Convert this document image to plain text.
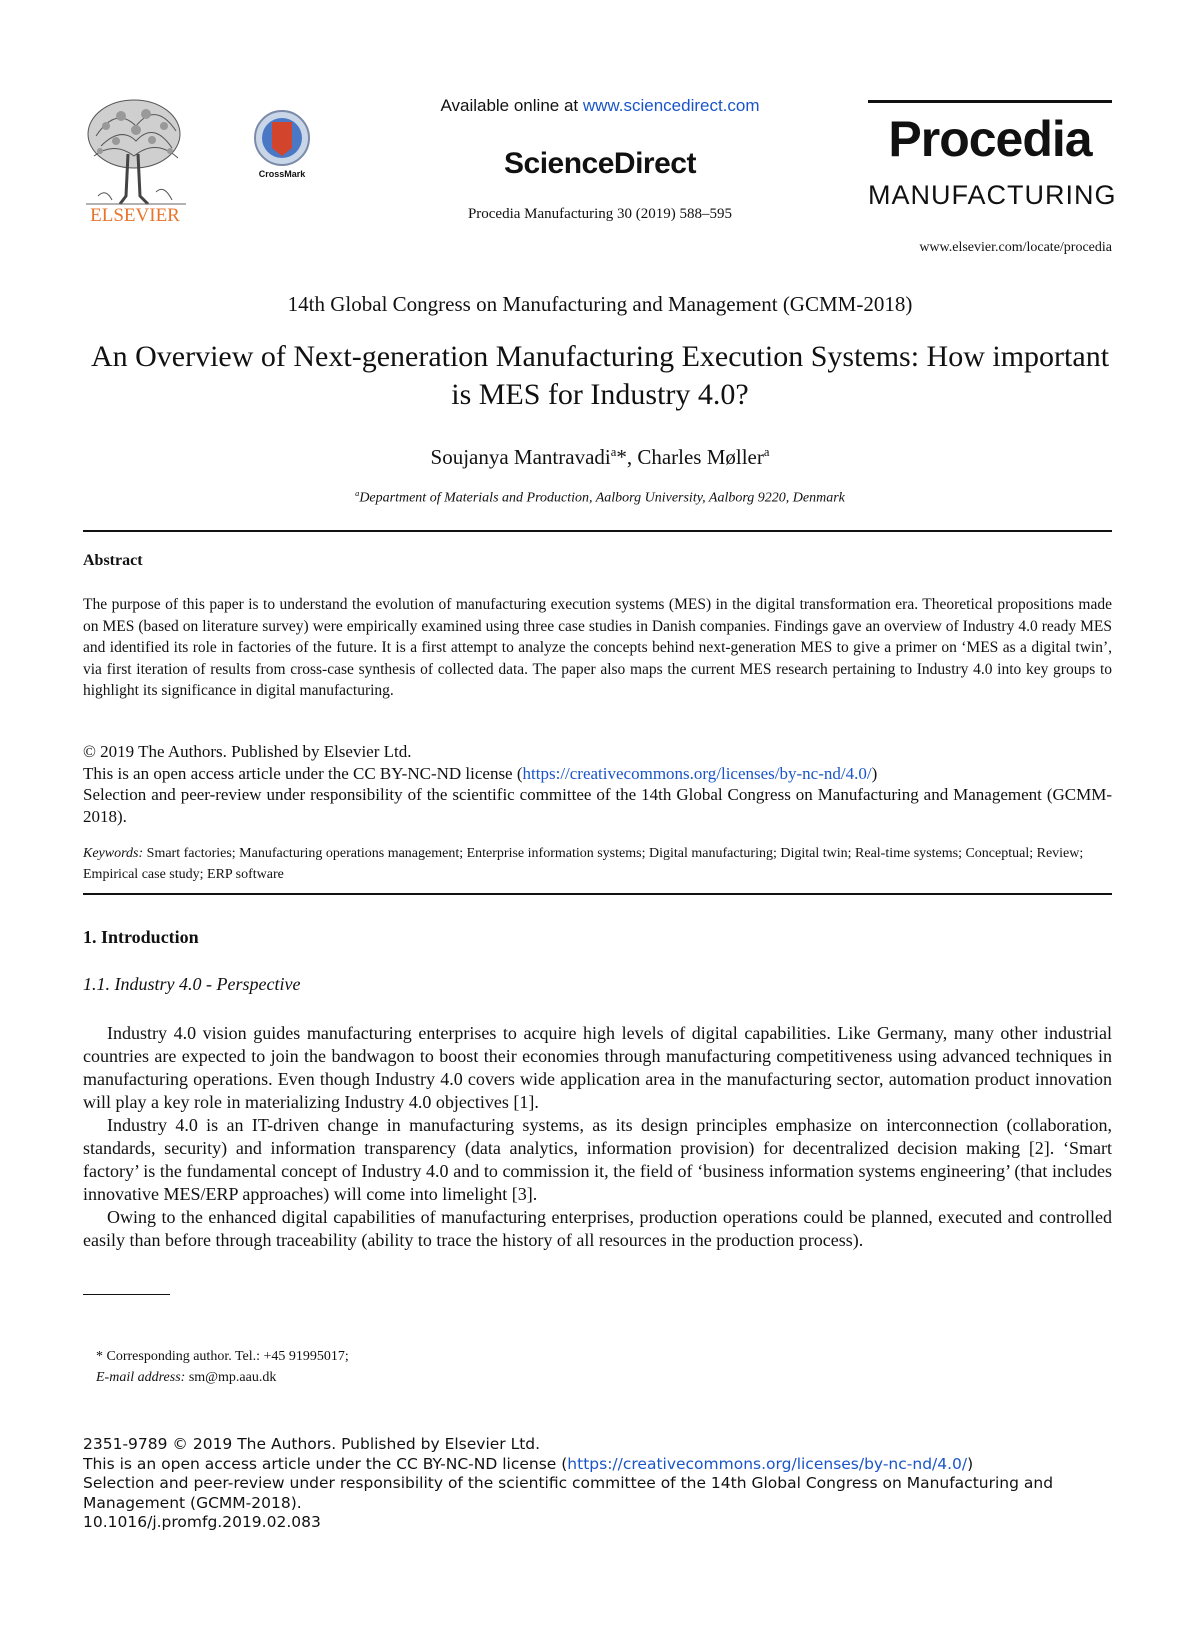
ELSEVIER
CrossMark
Available online at www.sciencedirect.com
ScienceDirect
Procedia Manufacturing 30 (2019) 588–595
Procedia
MANUFACTURING
www.elsevier.com/locate/procedia
14th Global Congress on Manufacturing and Management (GCMM-2018)
An Overview of Next-generation Manufacturing Execution Systems: How important is MES for Industry 4.0?
Soujanya Mantravadi$^a$*, Charles Møller$^a$
$^a$Department of Materials and Production, Aalborg University, Aalborg 9220, Denmark
Abstract
The purpose of this paper is to understand the evolution of manufacturing execution systems (MES) in the digital transformation era. Theoretical propositions made on MES (based on literature survey) were empirically examined using three case studies in Danish companies. Findings gave an overview of Industry 4.0 ready MES and identified its role in factories of the future. It is a first attempt to analyze the concepts behind next-generation MES to give a primer on ‘MES as a digital twin’, via first iteration of results from cross-case synthesis of collected data. The paper also maps the current MES research pertaining to Industry 4.0 into key groups to highlight its significance in digital manufacturing.
© 2019 The Authors. Published by Elsevier Ltd.
This is an open access article under the CC BY-NC-ND license (https://creativecommons.org/licenses/by-nc-nd/4.0/)
Selection and peer-review under responsibility of the scientific committee of the 14th Global Congress on Manufacturing and Management (GCMM-2018).
Keywords: Smart factories; Manufacturing operations management; Enterprise information systems; Digital manufacturing; Digital twin; Real-time systems; Conceptual; Review; Empirical case study; ERP software
1. Introduction
1.1. Industry 4.0 - Perspective

Industry 4.0 vision guides manufacturing enterprises to acquire high levels of digital capabilities. Like Germany, many other industrial countries are expected to join the bandwagon to boost their economies through manufacturing competitiveness using advanced techniques in manufacturing operations. Even though Industry 4.0 covers wide application area in the manufacturing sector, automation product innovation will play a key role in materializing Industry 4.0 objectives [1].

Industry 4.0 is an IT-driven change in manufacturing systems, as its design principles emphasize on interconnection (collaboration, standards, security) and information transparency (data analytics, information provision) for decentralized decision making [2]. ‘Smart factory’ is the fundamental concept of Industry 4.0 and to commission it, the field of ‘business information systems engineering’ (that includes innovative MES/ERP approaches) will come into limelight [3].

Owing to the enhanced digital capabilities of manufacturing enterprises, production operations could be planned, executed and controlled easily than before through traceability (ability to trace the history of all resources in the production process).

* Corresponding author. Tel.: +45 91995017;
E-mail address: sm@mp.aau.dk
2351-9789 © 2019 The Authors. Published by Elsevier Ltd.
This is an open access article under the CC BY-NC-ND license (https://creativecommons.org/licenses/by-nc-nd/4.0/)
Selection and peer-review under responsibility of the scientific committee of the 14th Global Congress on Manufacturing and Management (GCMM-2018).
10.1016/j.promfg.2019.02.083
